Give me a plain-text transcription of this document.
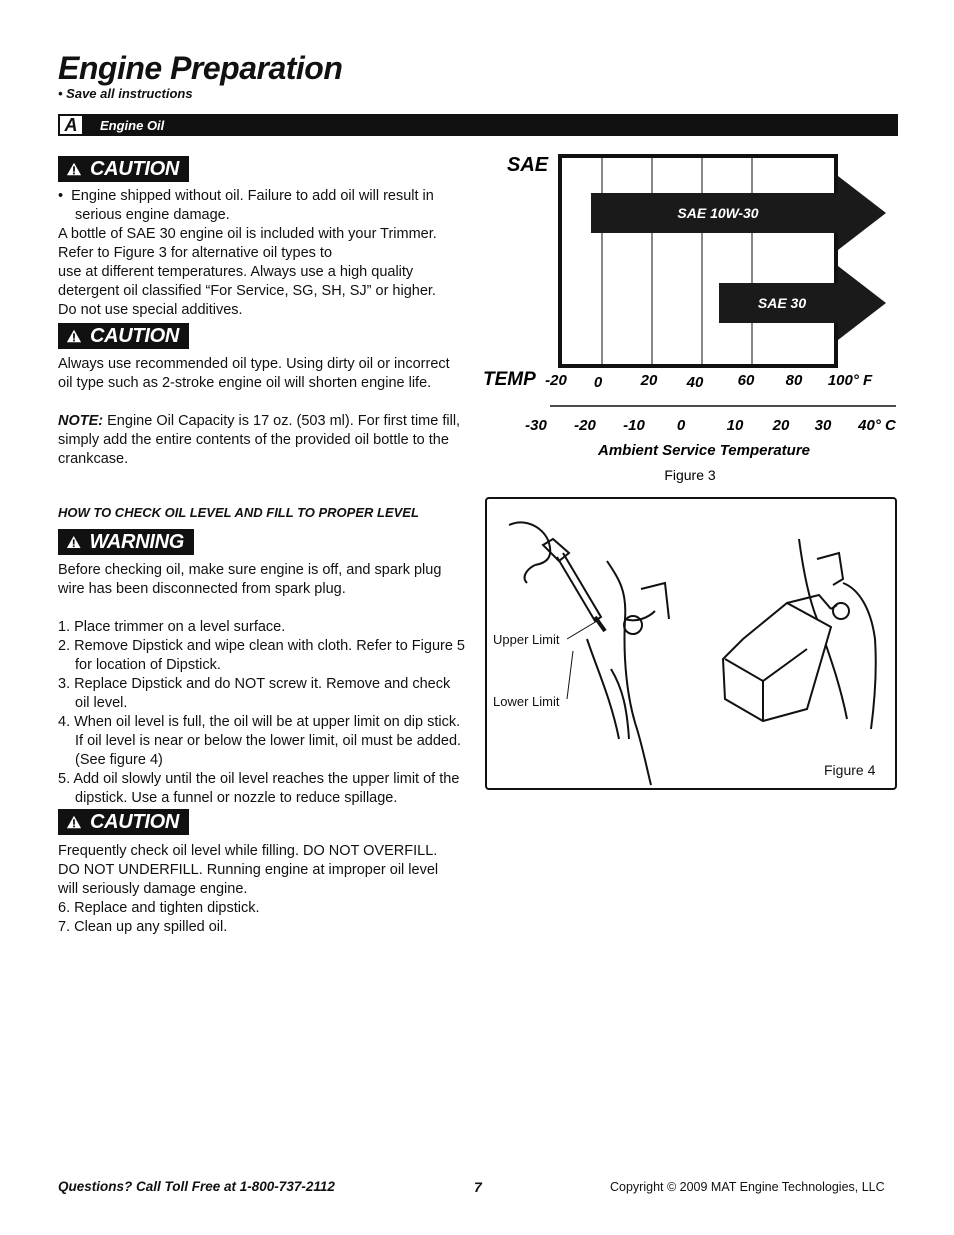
Engine Preparation
• Save all instructions
A	Engine Oil
CAUTION

•  Engine shipped without oil. Failure to add oil will result in serious engine damage.

A bottle of SAE 30 engine oil is included with your Trimmer.

Refer to Figure 3 for alternative oil types to

use at different temperatures. Always use a high quality

detergent oil classified “For Service, SG, SH, SJ” or higher.

Do not use special additives.

CAUTION

Always use recommended oil type. Using dirty oil or incorrect oil type such as 2-stroke engine oil will shorten engine life.

NOTE: Engine Oil Capacity is 17 oz. (503 ml). For first time fill, simply add the entire contents of the provided oil bottle to the crankcase.

HOW TO CHECK OIL LEVEL AND FILL TO PROPER LEVEL
WARNING

Before checking oil, make sure engine is off, and spark plug wire has been disconnected from spark plug.

1. Place trimmer on a level surface.

2. Remove Dipstick and wipe clean with cloth. Refer to Figure 5 for location of Dipstick.

3. Replace Dipstick and do NOT screw it. Remove and check oil level.

4. When oil level is full, the oil will be at upper limit on dip stick. If oil level is near or below the lower limit, oil must be added. (See figure 4)

5. Add oil slowly until the oil level reaches the upper limit of the dipstick. Use a funnel or nozzle to reduce spillage.

CAUTION

Frequently check oil level while filling. DO NOT OVERFILL. DO NOT UNDERFILL. Running engine at improper oil level will seriously damage engine.

6. Replace and tighten dipstick.

7. Clean up any spilled oil.

SAE 10W-30
SAE 30
SAE
TEMP -20 0	20 40 60 80 100° F
-30 -20 -10 0	10 20 30 40° C
Ambient Service Temperature
Figure 3
Upper Limit
Lower Limit
Figure 4
Questions? Call Toll Free at 1-800-737-2112	7	Copyright © 2009 MAT Engine Technologies, LLC
